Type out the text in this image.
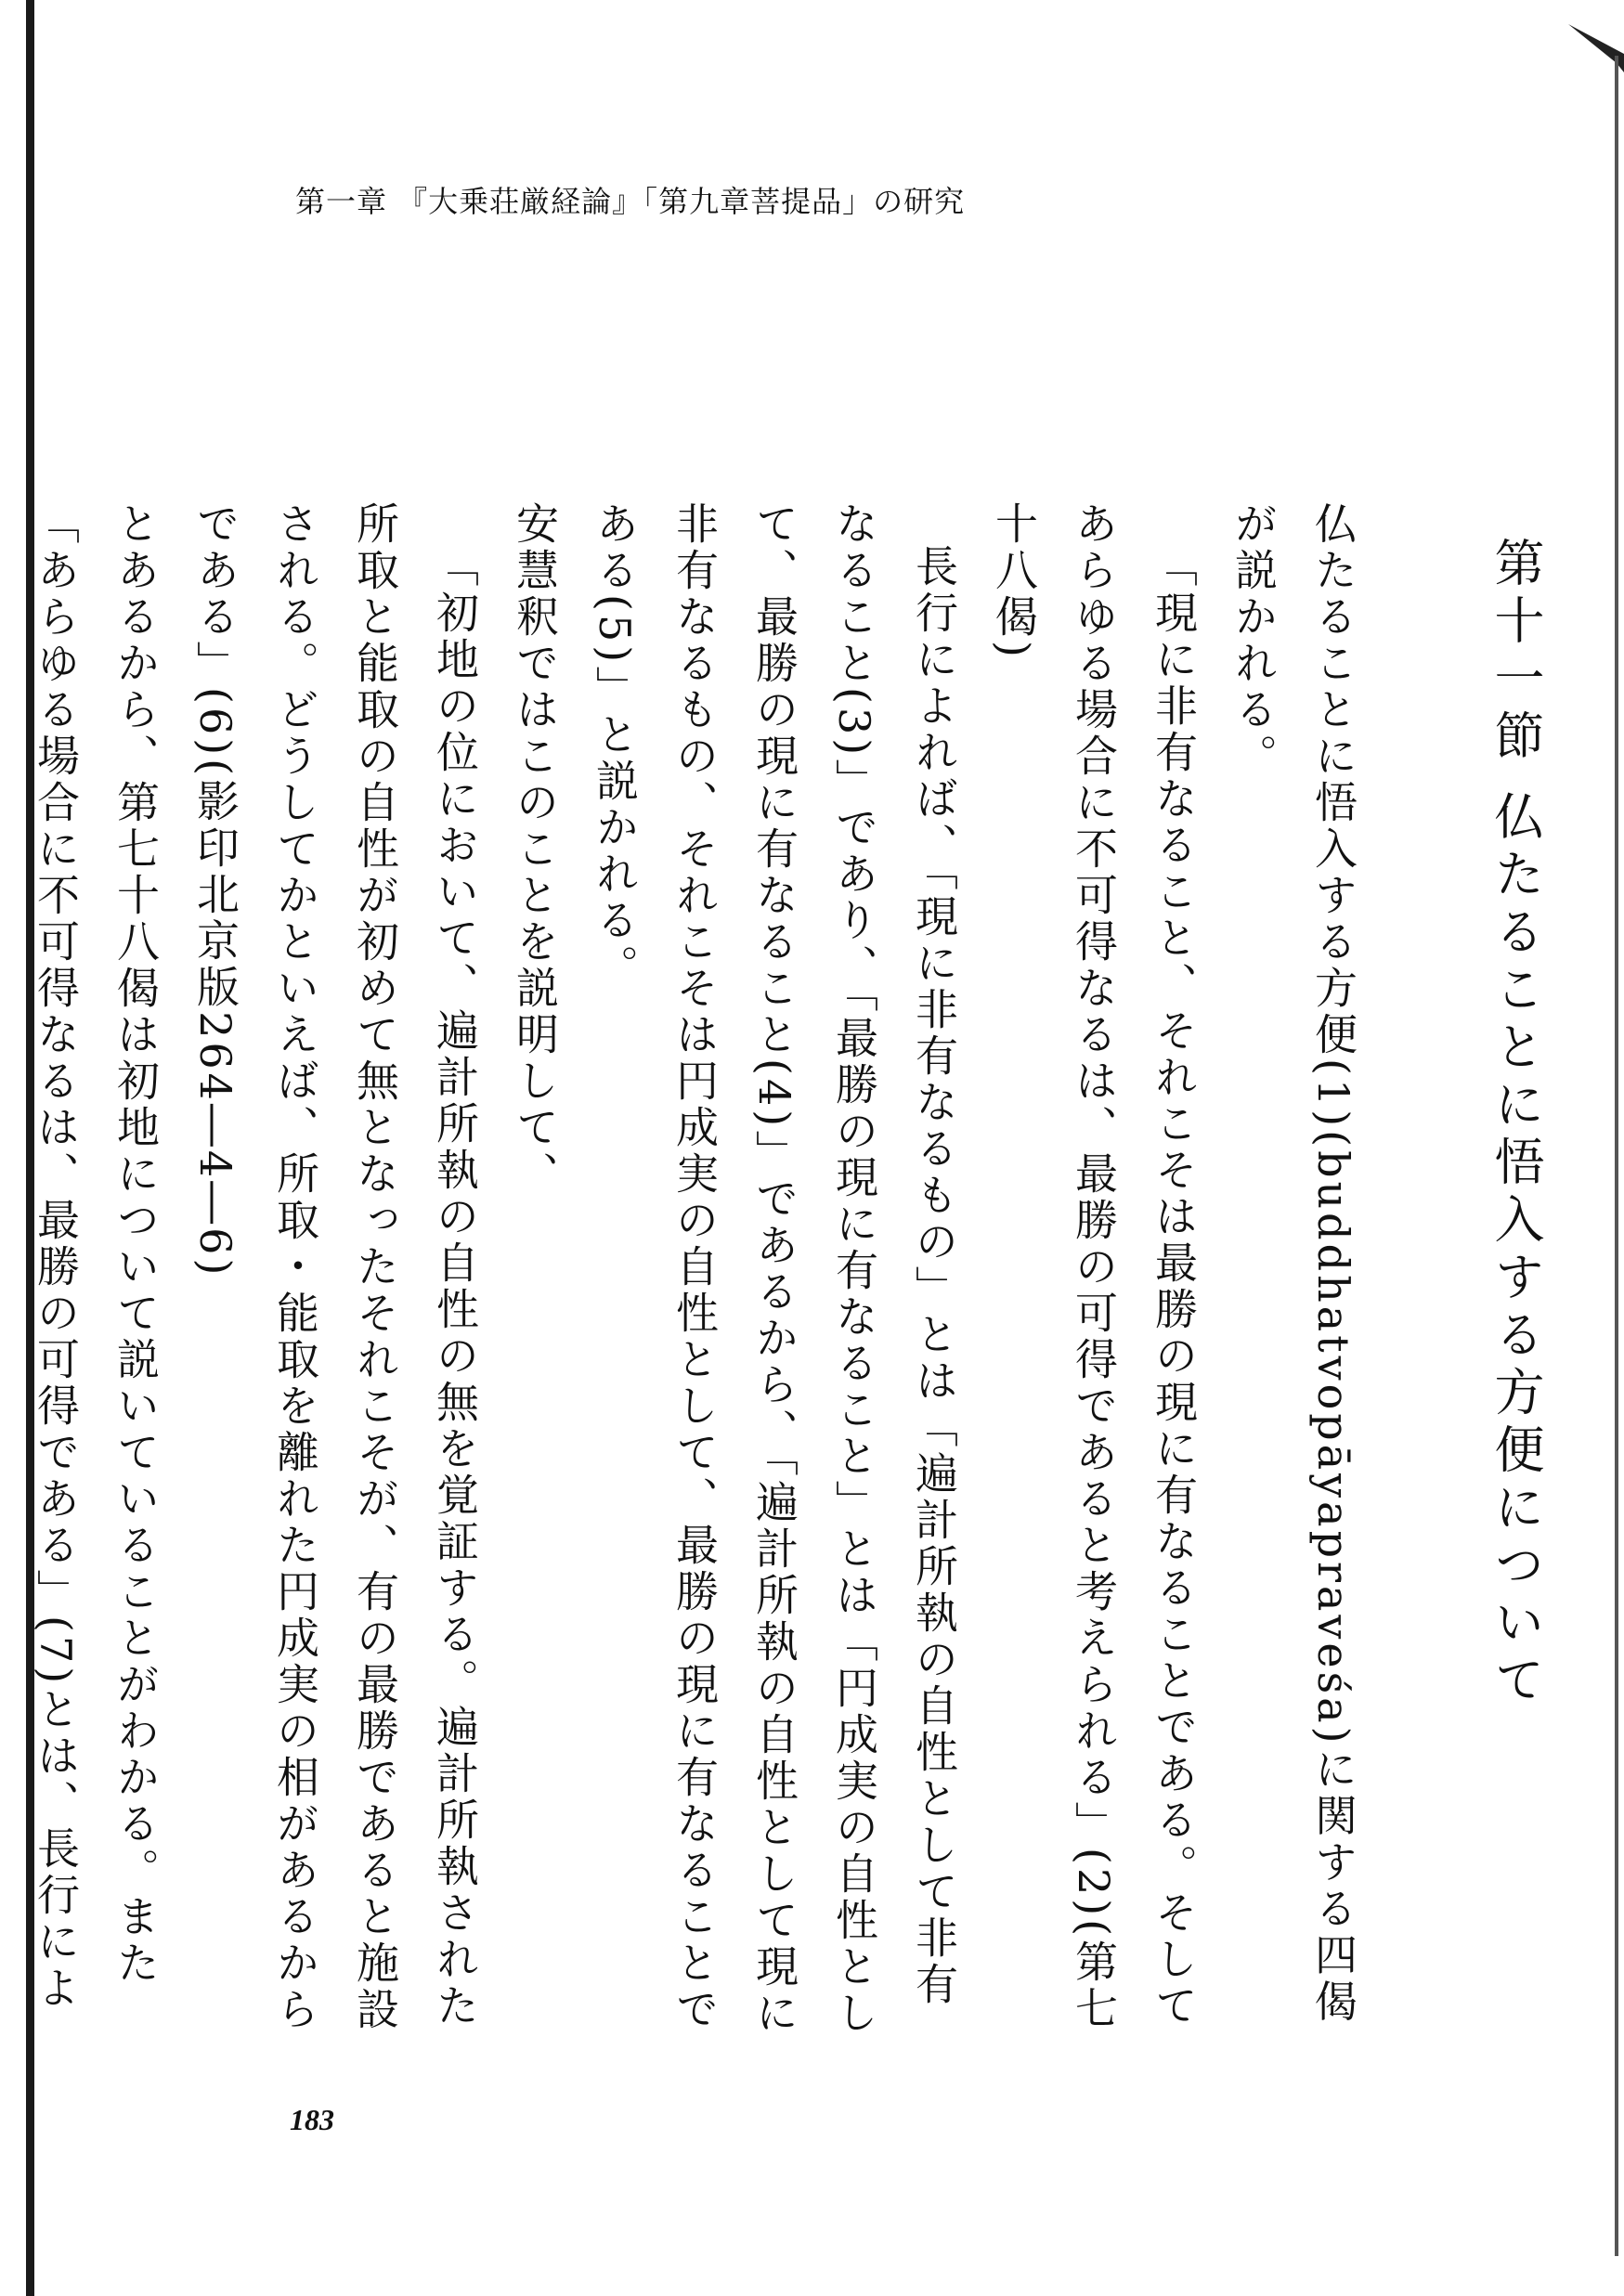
第一章 『大乗荘厳経論』「第九章菩提品」の研究

第十一節 仏たることに悟入する方便について

仏たることに悟入する方便(1)(buddhatvopāyapraveśa)に関する四偈が説かれる。

「現に非有なること、それこそは最勝の現に有なることである。そしてあらゆる場合に不可得なるは、最勝の可得であると考えられる」(2)(第七十八偈)

長行によれば、「現に非有なるもの」とは「遍計所執の自性として非有なること(3)」であり、「最勝の現に有なること」とは「円成実の自性として、最勝の現に有なること(4)」であるから、「遍計所執の自性として現に非有なるもの、それこそは円成実の自性として、最勝の現に有なることである(5)」と説かれる。

安慧釈ではこのことを説明して、

「初地の位において、遍計所執の自性の無を覚証する。遍計所執された所取と能取の自性が初めて無となったそれこそが、有の最勝であると施設される。どうしてかといえば、所取・能取を離れた円成実の相があるからである」(6)(影印北京版264―4―6)

とあるから、第七十八偈は初地について説いていることがわかる。また「あらゆる場合に不可得なるは、最勝の可得である」(7)とは、長行によ

183
